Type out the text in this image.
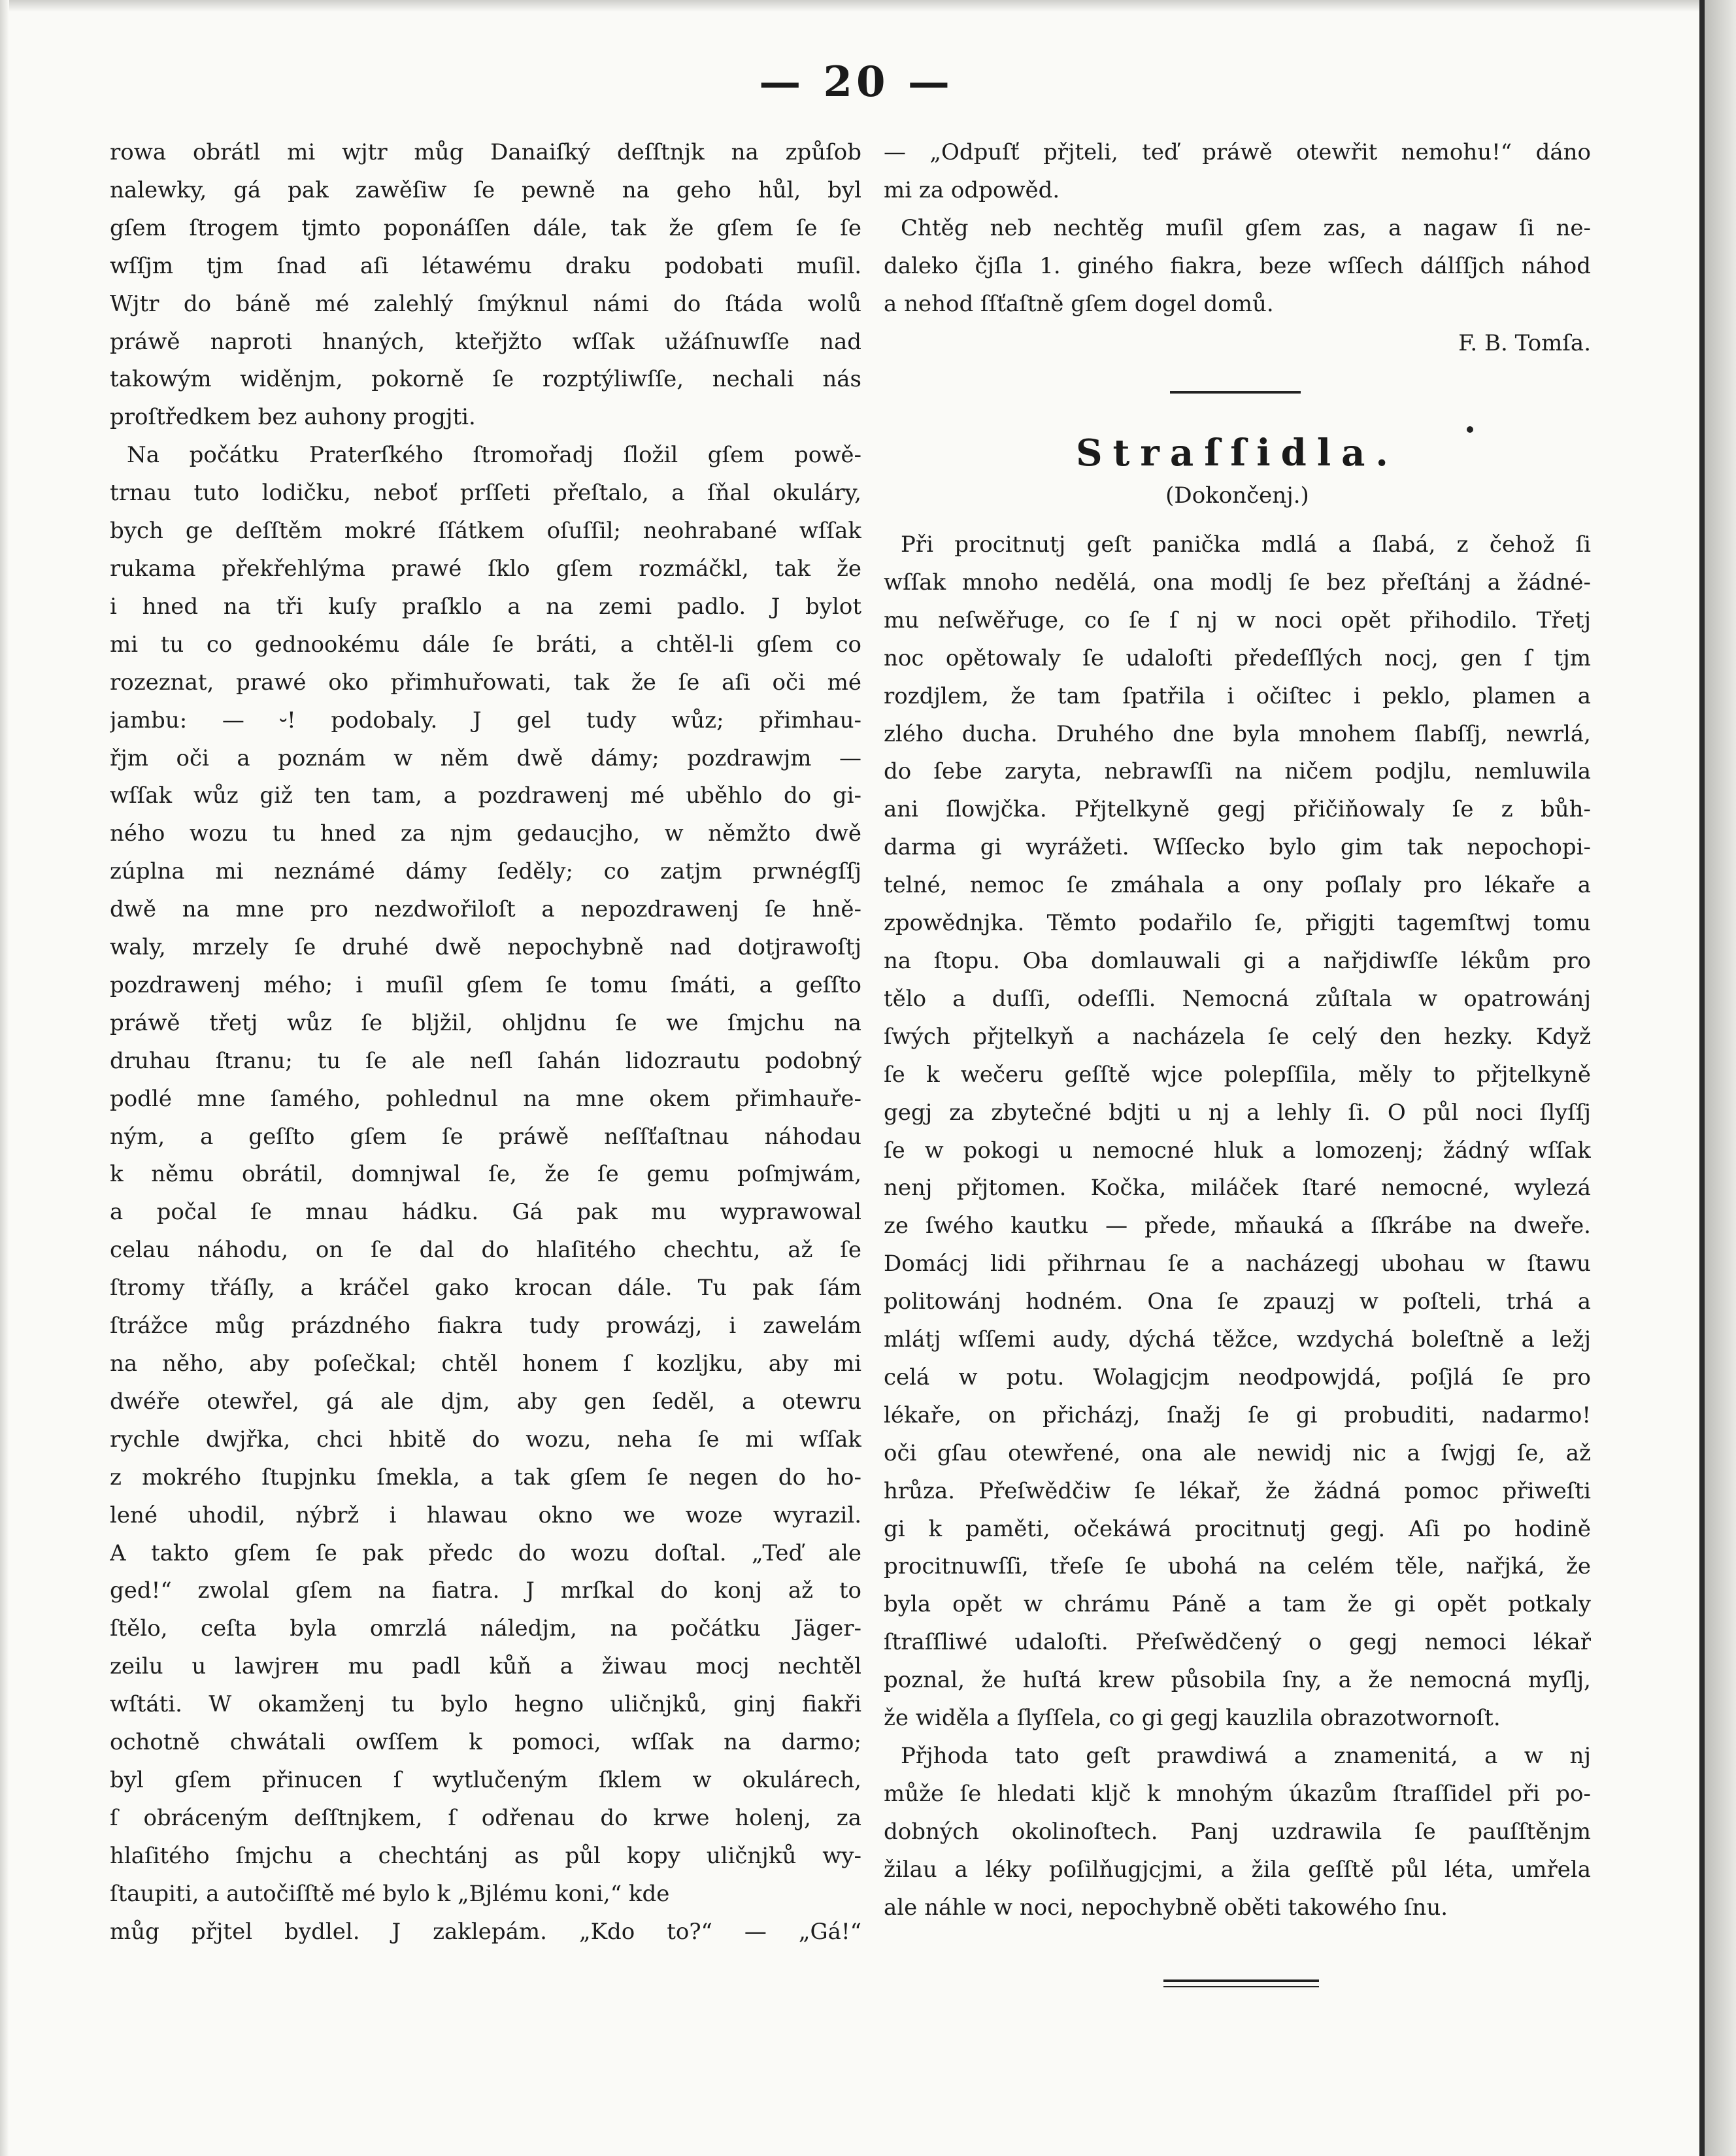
— 20 —
rowa obrátl mi wjtr můg Danaiſký deſſtnjk na způſob
nalewky, gá pak zawěſiw ſe pewně na geho hůl, byl
gſem ſtrogem tjmto poponáſſen dále, tak že gſem ſe ſe
wſſjm tjm ſnad aſi létawému draku podobati muſil.
Wjtr do báně mé zalehlý ſmýknul námi do ſtáda wolů
práwě naproti hnaných, kteřjžto wſſak užáſnuwſſe nad
takowým widěnjm, pokorně ſe rozptýliwſſe, nechali nás
proſtředkem bez auhony progjti.
Na počátku Praterſkého ſtromořadj ſložil gſem powě-
trnau tuto lodičku, neboť prſſeti přeſtalo, a ſňal okuláry,
bych ge deſſtěm mokré ſſátkem oſuſſil; neohrabané wſſak
rukama překřehlýma prawé ſklo gſem rozmáčkl, tak že
i hned na tři kuſy praſklo a na zemi padlo. J bylot
mi tu co gednookému dále ſe bráti, a chtěl-li gſem co
rozeznat, prawé oko přimhuřowati, tak že ſe aſi oči mé
jambu: — ⏑! podobaly. J gel tudy wůz; přimhau-
řjm oči a poznám w něm dwě dámy; pozdrawjm —
wſſak wůz giž ten tam, a pozdrawenj mé uběhlo do gi-
ného wozu tu hned za njm gedaucjho, w němžto dwě
zúplna mi neznámé dámy ſeděly; co zatjm prwnégſſj
dwě na mne pro nezdwořiloſt a nepozdrawenj ſe hně-
waly, mrzely ſe druhé dwě nepochybně nad dotjrawoſtj
pozdrawenj mého; i muſil gſem ſe tomu ſmáti, a geſſto
práwě třetj wůz ſe blјžil, ohljdnu ſe we ſmjchu na
druhau ſtranu; tu ſe ale neſl ſahán lidozrautu podobný
podlé mne ſamého, pohlednul na mne okem přimhauře-
ným, a geſſto gſem ſe práwě neſſťaſtnau náhodau
k němu obrátil, domnjwal ſe, že ſe gemu poſmjwám,
a počal ſe mnau hádku. Gá pak mu wyprawowal
celau náhodu, on ſe dal do hlaſitého chechtu, až ſe
ſtromy třáſly, a kráčel gako krocan dále. Tu pak ſám
ſtrážce můg prázdného fiakra tudy prowázj, i zawelám
na něho, aby poſečkal; chtěl honem ſ kozljku, aby mi
dwéře otewřel, gá ale djm, aby gen ſeděl, a otewru
rychle dwjřka, chci hbitě do wozu, neha ſe mi wſſak
z mokrého ſtupjnku ſmekla, a tak gſem ſe negen do ho-
lené uhodil, nýbrž i hlawau okno we woze wyrazil.
A takto gſem ſe pak předc do wozu doſtal. „Teď ale
ged!“ zwolal gſem na fiatra. J mrſkal do konj až to
ſtělo, ceſta byla omrzlá náledjm, na počátku Jäger-
zeilu u lawjrен mu padl kůň a žiwau mocj nechtěl
wſtáti. W okamženj tu bylo hegno uličnjků, ginj fiakři
ochotně chwátali owſſem k pomoci, wſſak na darmo;
byl gſem přinucen ſ wytlučeným ſklem w okulárech,
ſ obráceným deſſtnjkem, ſ odřenau do krwe holenj, za
hlaſitého ſmjchu a chechtánj as půl kopy uličnjků wy-
ſtaupiti, a autočiſſtě mé bylo k „Bjlému koni,“ kde
můg přjtel bydlel. J zaklepám. „Kdo to?“ — „Gá!“
— „Odpuſť přjteli, teď práwě otewřit nemohu!“ dáno
mi za odpowěd.
Chtěg neb nechtěg muſil gſem zas, a nagaw ſi ne-
daleko čjſla 1. giného fiakra, beze wſſech dálſſjch náhod
a nehod ſſťaſtně gſem dogel domů.
F. B. Tomſa.
Straſſidla.
(Dokončenj.)
Při procitnutj geſt panička mdlá a ſlabá, z čehož ſi
wſſak mnoho nedělá, ona modlj ſe bez přeſtánj a žádné-
mu neſwěřuge, co ſe ſ nj w noci opět přihodilo. Třetj
noc opětowaly ſe udaloſti předeſſlých nocj, gen ſ tjm
rozdjlem, že tam ſpatřila i očiſtec i peklo, plamen a
zlého ducha. Druhého dne byla mnohem ſlabſſj, newrlá,
do ſebe zaryta, nebrawſſi na ničem podjlu, nemluwila
ani ſlowjčka. Přjtelkyně gegj přičiňowaly ſe z bůh-
darma gi wyrážeti. Wſſecko bylo gim tak nepochopi-
telné, nemoc ſe zmáhala a ony poſlaly pro lékaře a
zpowědnjka. Těmto podařilo ſe, přigjti tagemſtwj tomu
na ſtopu. Oba domlauwali gi a nařjdiwſſe lékům pro
tělo a duſſi, odeſſli. Nemocná zůſtala w opatrowánj
ſwých přjtelkyň a nacházela ſe celý den hezky. Když
ſe k wečeru geſſtě wjce polepſſila, měly to přjtelkyně
gegj za zbytečné bdjti u nj a lehly ſi. O půl noci ſlyſſj
ſe w pokogi u nemocné hluk a lomozenj; žádný wſſak
nenj přjtomen. Kočka, miláček ſtaré nemocné, wylezá
ze ſwého kautku — přede, mňauká a ſſkrábe na dweře.
Domácj lidi přihrnau ſe a nacházegj ubohau w ſtawu
politowánj hodném. Ona ſe zpauzj w poſteli, trhá a
mlátj wſſemi audy, dýchá těžce, wzdychá boleſtně a ležj
celá w potu. Wolagjcjm neodpowjdá, poſjlá ſe pro
lékaře, on přicházj, ſnažj ſe gi probuditi, nadarmo!
oči gſau otewřené, ona ale newidj nic a ſwjgj ſe, až
hrůza. Přeſwědčiw ſe lékař, že žádná pomoc přiweſti
gi k paměti, očekáwá procitnutj gegj. Aſi po hodině
procitnuwſſi, třeſe ſe ubohá na celém těle, nařjká, že
byla opět w chrámu Páně a tam že gi opět potkaly
ſtraſſliwé udaloſti. Přeſwědčený o gegj nemoci lékař
poznal, že huſtá krew působila ſny, a že nemocná myſlj,
že widěla a ſlyſſela, co gi gegj kauzlila obrazotwornoſt.
Přjhoda tato geſt prawdiwá a znamenitá, a w nj
může ſe hledati klјč k mnohým úkazům ſtraſſidel při po-
dobných okolinoſtech. Panj uzdrawila ſe pauſſtěnjm
žilau a léky poſilňugjcjmi, a žila geſſtě půl léta, umřela
ale náhle w noci, nepochybně oběti takowého ſnu.
